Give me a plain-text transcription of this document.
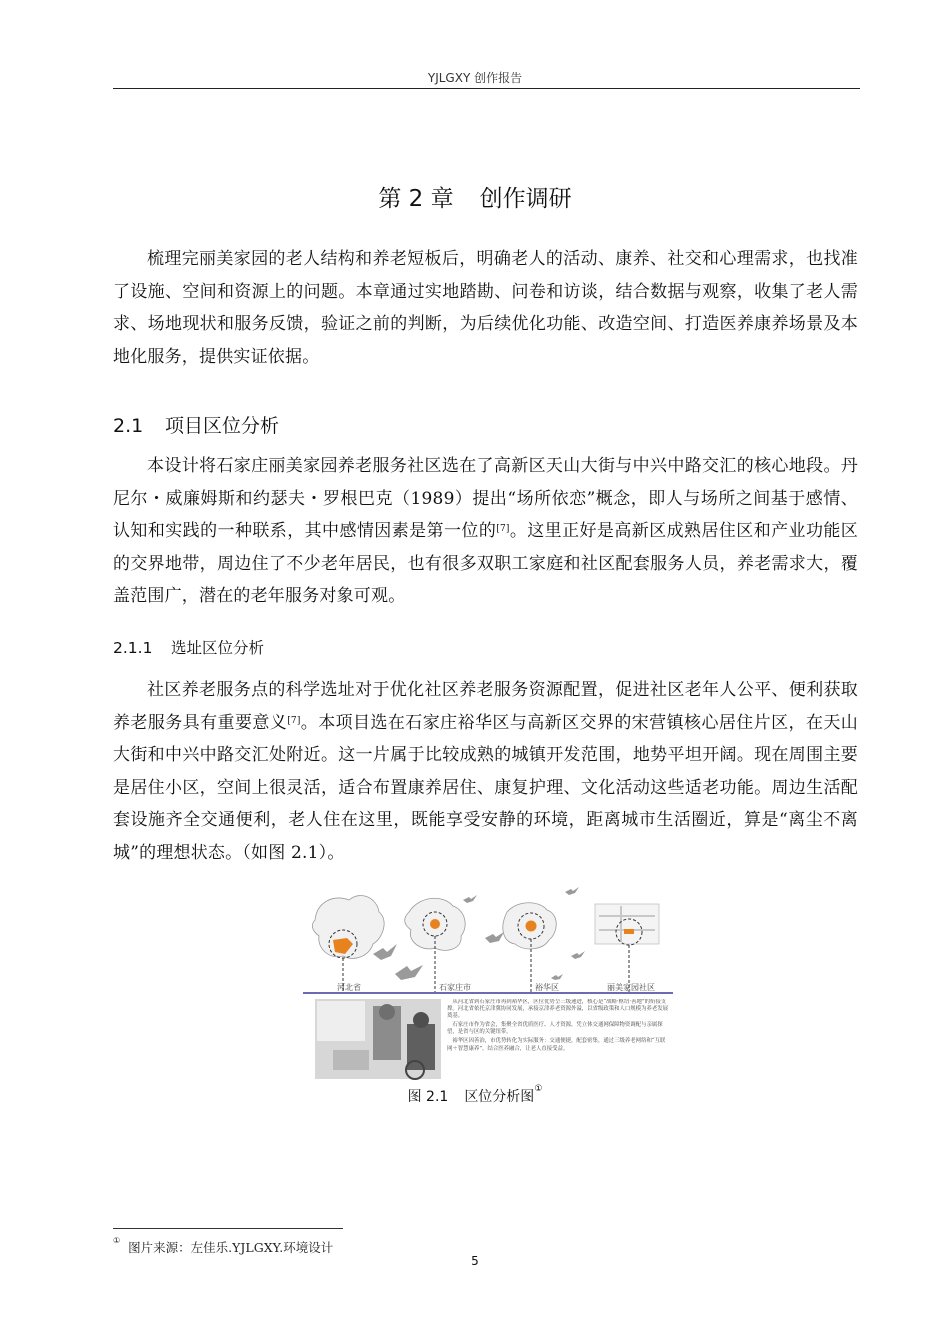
YJLGXY 创作报告
第 2 章 创作调研

梳理完丽美家园的老人结构和养老短板后，明确老人的活动、康养、社交和心理需求，也找准了设施、空间和资源上的问题。本章通过实地踏勘、问卷和访谈，结合数据与观察，收集了老人需求、场地现状和服务反馈，验证之前的判断，为后续优化功能、改造空间、打造医养康养场景及本地化服务，提供实证依据。

2.1 项目区位分析

本设计将石家庄丽美家园养老服务社区选在了高新区天山大街与中兴中路交汇的核心地段。丹尼尔・威廉姆斯和约瑟夫・罗根巴克（1989）提出“场所依恋”概念，即人与场所之间基于感情、认知和实践的一种联系，其中感情因素是第一位的[7]。这里正好是高新区成熟居住区和产业功能区的交界地带，周边住了不少老年居民，也有很多双职工家庭和社区配套服务人员，养老需求大，覆盖范围广，潜在的老年服务对象可观。

2.1.1 选址区位分析

社区养老服务点的科学选址对于优化社区养老服务资源配置，促进社区老年人公平、便利获取养老服务具有重要意义[7]。本项目选在石家庄裕华区与高新区交界的宋营镇核心居住片区，在天山大街和中兴中路交汇处附近。这一片属于比较成熟的城镇开发范围，地势平坦开阔。现在周围主要是居住小区，空间上很灵活，适合布置康养居住、康复护理、文化活动这些适老功能。周边生活配套设施齐全交通便利，老人住在这里，既能享受安静的环境，距离城市生活圈近，算是“离尘不离城”的理想状态。（如图 2.1）。

河北省	石家庄市	裕华区	丽美家园社区
从河北省到石家庄市再到裕华区，区位优势呈三级递进，核心是“战略·枢纽·善地”的衔接支撑。河北省依托京津冀协同发展，承接京津养老资源外溢，以省级政策和人口规模为养老发展奠基。
石家庄市作为省会，集聚全省优质医疗、人才资源，凭立体交通网保障物资调配与亲属探望，是省与区的关键纽带。
裕华区因善治，市优势转化为实际服务：交通便捷，配套密集，通过三级养老网络和“互联网＋智慧康养”，结合医养融合，让老人直接受益。
图 2.1 区位分析图①
① 图片来源：左佳乐.YJLGXY.环境设计
5
